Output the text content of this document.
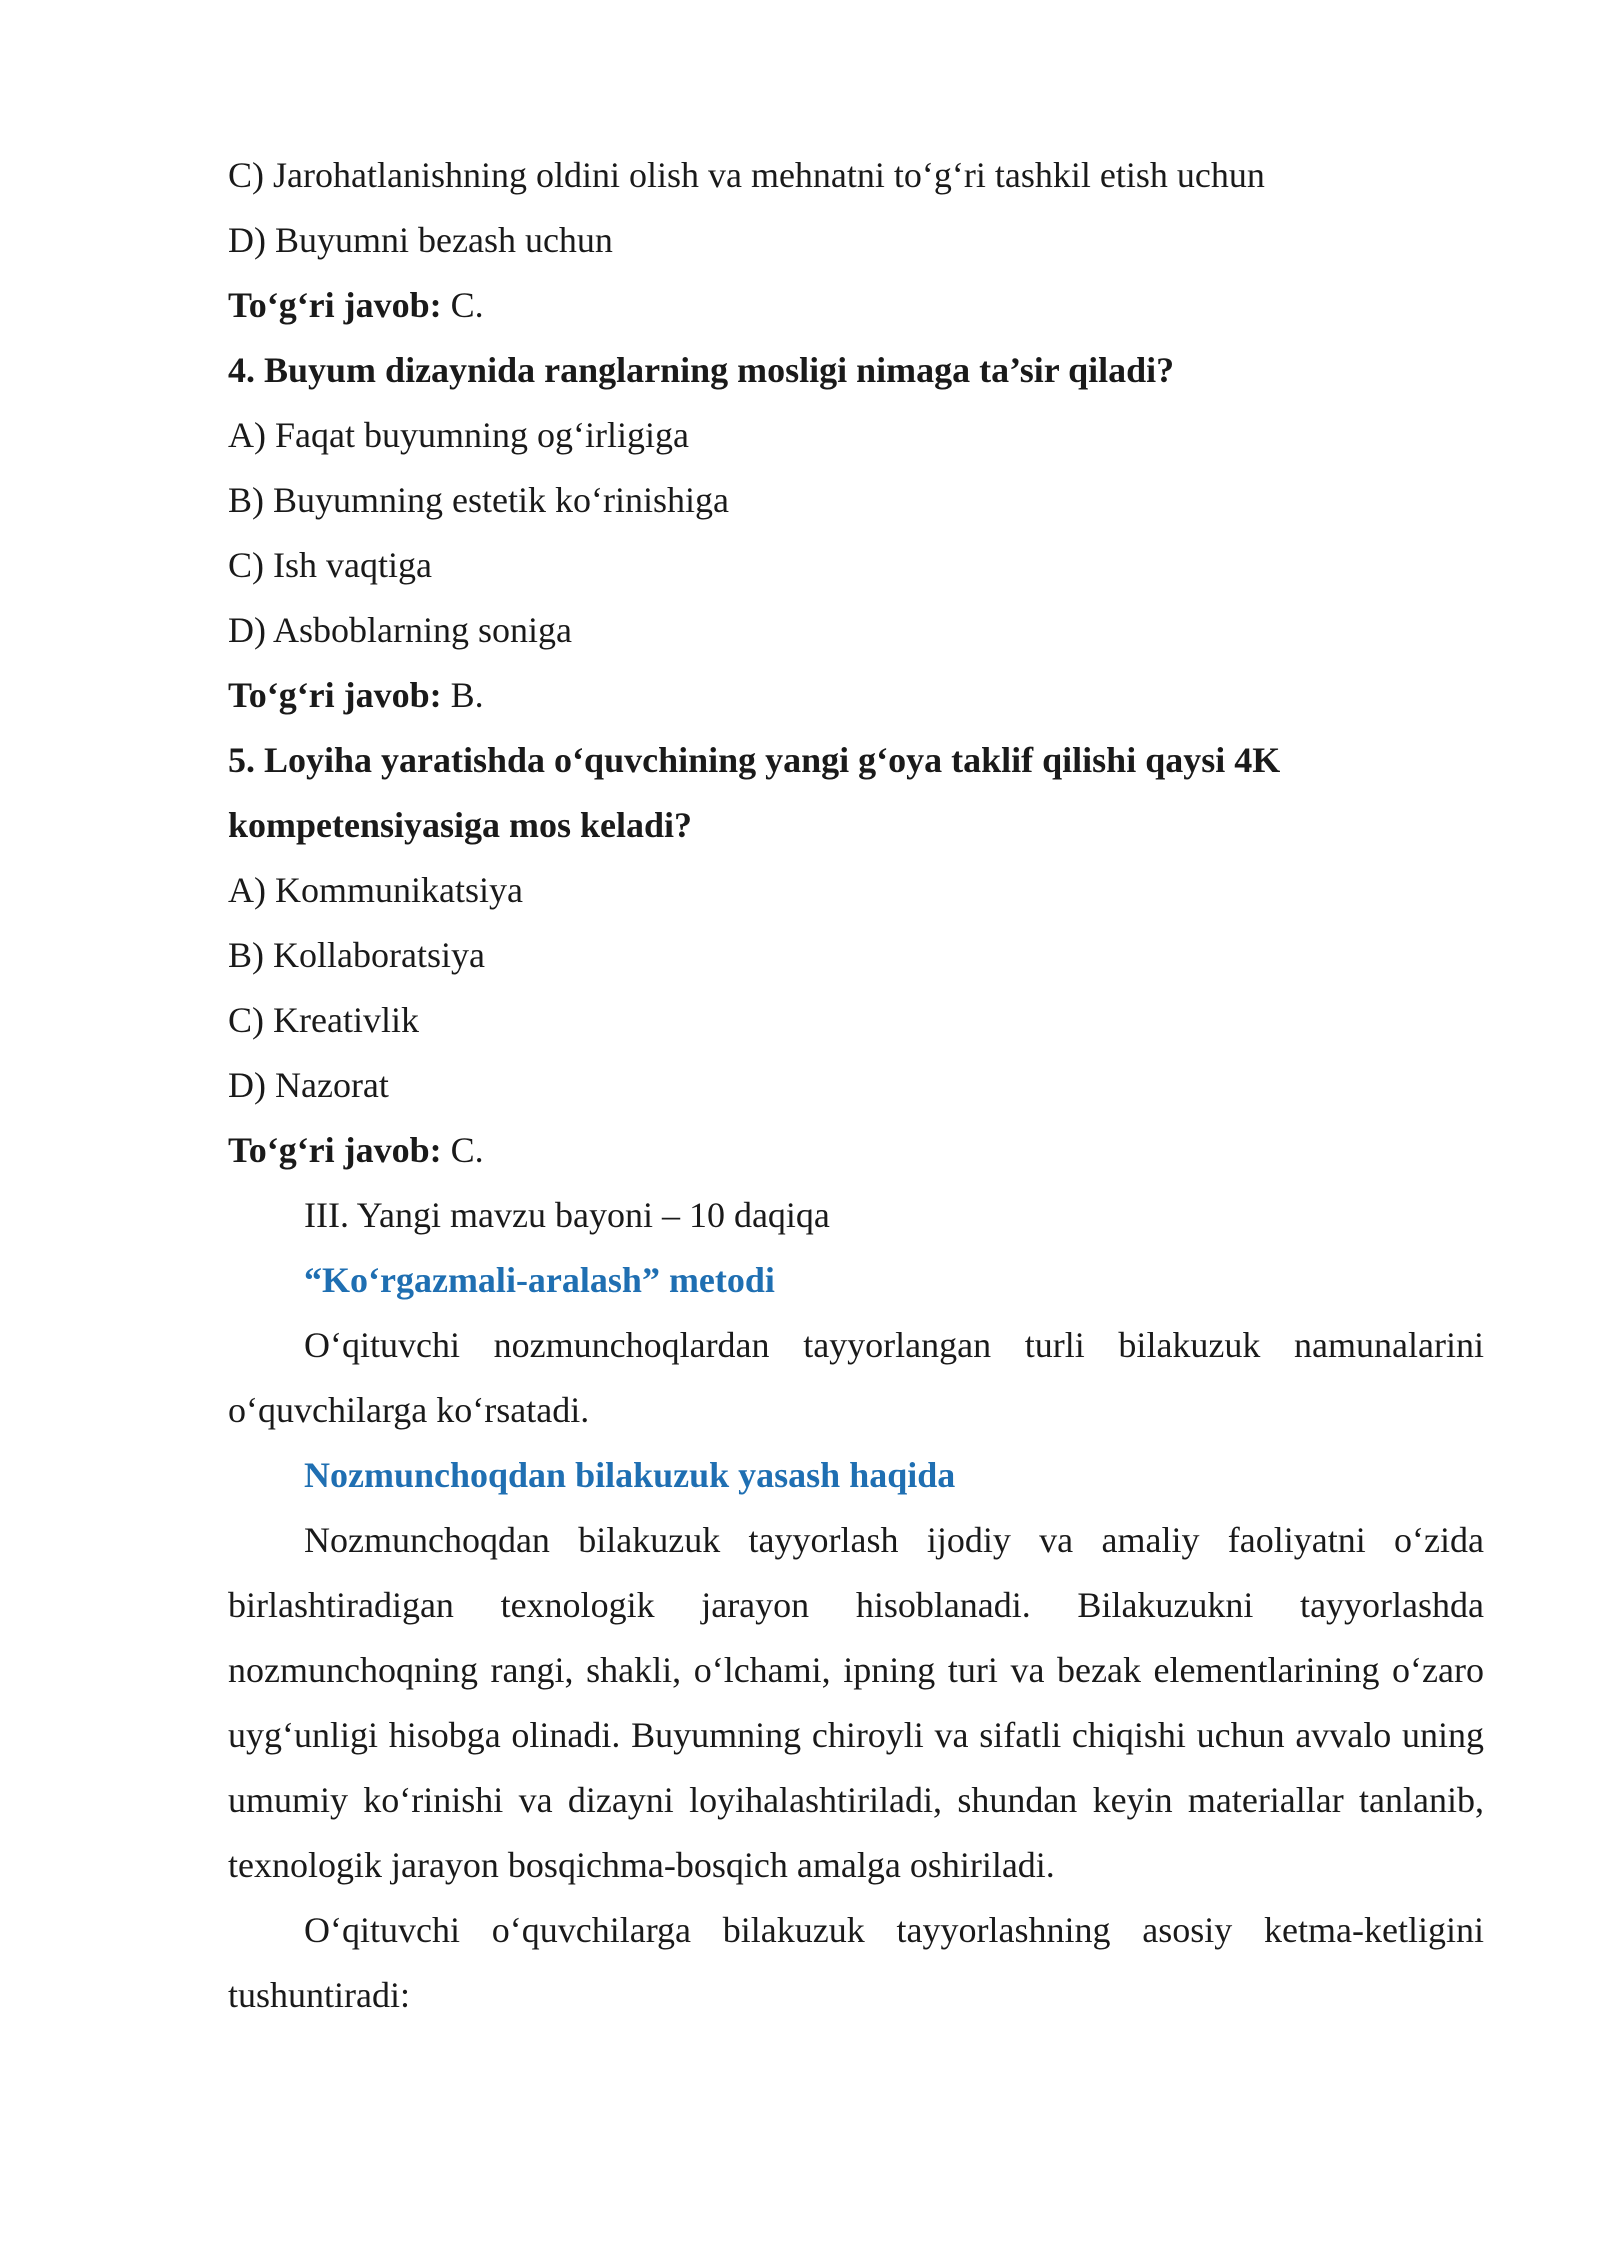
C) Jarohatlanishning oldini olish va mehnatni to‘g‘ri tashkil etish uchun
D) Buyumni bezash uchun
To‘g‘ri javob: C.
4. Buyum dizaynida ranglarning mosligi nimaga ta’sir qiladi?
A) Faqat buyumning og‘irligiga
B) Buyumning estetik ko‘rinishiga
C) Ish vaqtiga
D) Asboblarning soniga
To‘g‘ri javob: B.
5. Loyiha yaratishda o‘quvchining yangi g‘oya taklif qilishi qaysi 4K
kompetensiyasiga mos keladi?
A) Kommunikatsiya
B) Kollaboratsiya
C) Kreativlik
D) Nazorat
To‘g‘ri javob: C.
III. Yangi mavzu bayoni – 10 daqiqa
“Ko‘rgazmali-aralash” metodi

O‘qituvchi nozmunchoqlardan tayyorlangan turli bilakuzuk namunalarini o‘quvchilarga ko‘rsatadi.

Nozmunchoqdan bilakuzuk yasash haqida

Nozmunchoqdan bilakuzuk tayyorlash ijodiy va amaliy faoliyatni o‘zida birlashtiradigan texnologik jarayon hisoblanadi. Bilakuzukni tayyorlashda nozmunchoqning rangi, shakli, o‘lchami, ipning turi va bezak elementlarining o‘zaro uyg‘unligi hisobga olinadi. Buyumning chiroyli va sifatli chiqishi uchun avvalo uning umumiy ko‘rinishi va dizayni loyihalashtiriladi, shundan keyin materiallar tanlanib, texnologik jarayon bosqichma-bosqich amalga oshiriladi.

O‘qituvchi o‘quvchilarga bilakuzuk tayyorlashning asosiy ketma-ketligini tushuntiradi:
